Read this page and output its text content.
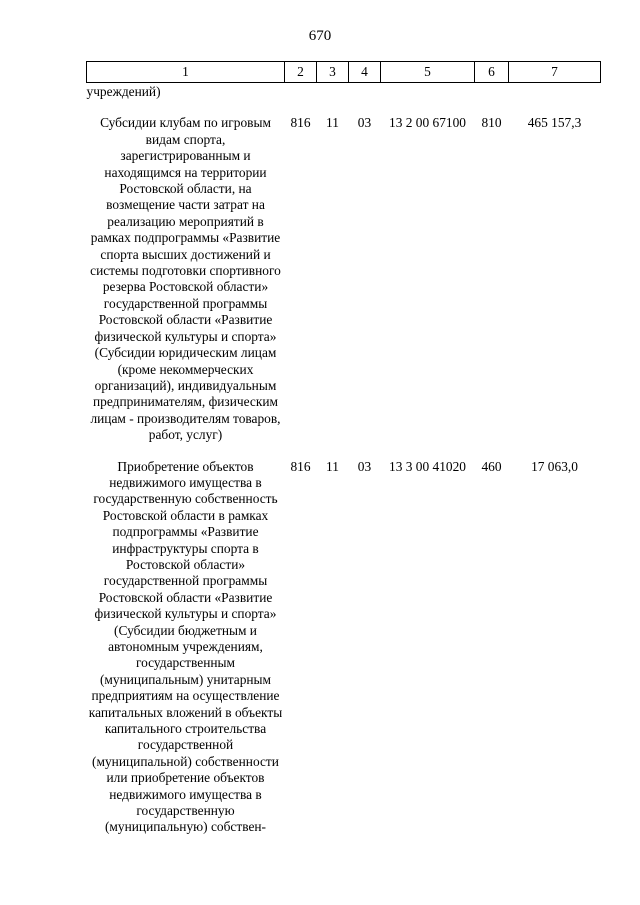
670
1	2	3	4	5	6	7
учреждений)						
Субсидии клубам по игровым видам спорта, зарегистрированным и находящимся на территории Ростовской области, на возмещение части затрат на реализацию мероприятий в рамках подпрограммы «Развитие спорта высших достижений и системы подготовки спортивного резерва Ростовской области» государственной программы Ростовской области «Развитие физической культуры и спорта» (Субсидии юридическим лицам (кроме некоммерческих организаций), индивидуальным предпринимателям, физическим лицам - производителям товаров, работ, услуг)	816	11	03	13 2 00 67100	810	465 157,3
Приобретение объектов недвижимого имущества в государственную собственность Ростовской области в рамках подпрограммы «Развитие инфраструктуры спорта в Ростовской области» государственной программы Ростовской области «Развитие физической культуры и спорта» (Субсидии бюджетным и автономным учреждениям, государственным (муниципальным) унитарным предприятиям на осуществление капитальных вложений в объекты капитального строительства государственной (муниципальной) собственности или приобретение объектов недвижимого имущества в государственную (муниципальную) собствен-	816	11	03	13 3 00 41020	460	17 063,0
